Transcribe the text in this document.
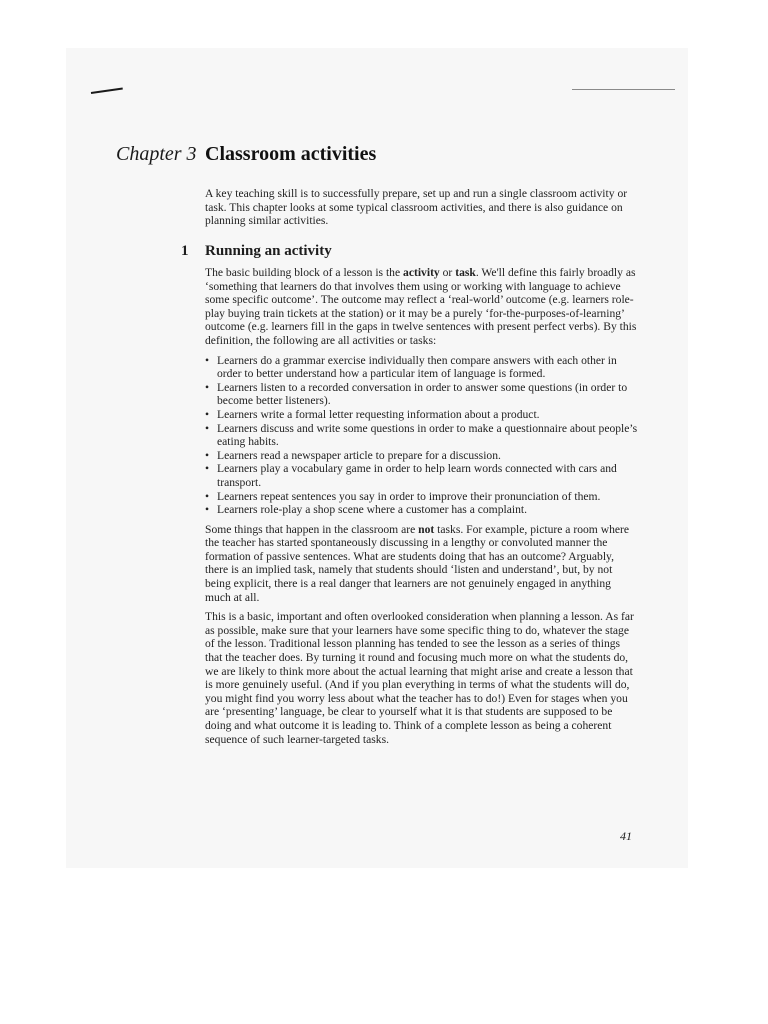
Chapter 3 Classroom activities
A key teaching skill is to successfully prepare, set up and run a single classroom activity or task. This chapter looks at some typical classroom activities, and there is also guidance on planning similar activities.
1 Running an activity

The basic building block of a lesson is the activity or task. We'll define this fairly broadly as ‘something that learners do that involves them using or working with language to achieve some specific outcome’. The outcome may reflect a ‘real-world’ outcome (e.g. learners role-play buying train tickets at the station) or it may be a purely ‘for-the-purposes-of-learning’ outcome (e.g. learners fill in the gaps in twelve sentences with present perfect verbs). By this definition, the following are all activities or tasks:

• Learners do a grammar exercise individually then compare answers with each other in order to better understand how a particular item of language is formed.
• Learners listen to a recorded conversation in order to answer some questions (in order to become better listeners).
• Learners write a formal letter requesting information about a product.
• Learners discuss and write some questions in order to make a questionnaire about people’s eating habits.
• Learners read a newspaper article to prepare for a discussion.
• Learners play a vocabulary game in order to help learn words connected with cars and transport.
• Learners repeat sentences you say in order to improve their pronunciation of them.
• Learners role-play a shop scene where a customer has a complaint.

Some things that happen in the classroom are not tasks. For example, picture a room where the teacher has started spontaneously discussing in a lengthy or convoluted manner the formation of passive sentences. What are students doing that has an outcome? Arguably, there is an implied task, namely that students should ‘listen and understand’, but, by not being explicit, there is a real danger that learners are not genuinely engaged in anything much at all.

This is a basic, important and often overlooked consideration when planning a lesson. As far as possible, make sure that your learners have some specific thing to do, whatever the stage of the lesson. Traditional lesson planning has tended to see the lesson as a series of things that the teacher does. By turning it round and focusing much more on what the students do, we are likely to think more about the actual learning that might arise and create a lesson that is more genuinely useful. (And if you plan everything in terms of what the students will do, you might find you worry less about what the teacher has to do!) Even for stages when you are ‘presenting’ language, be clear to yourself what it is that students are supposed to be doing and what outcome it is leading to. Think of a complete lesson as being a coherent sequence of such learner-targeted tasks.

41
